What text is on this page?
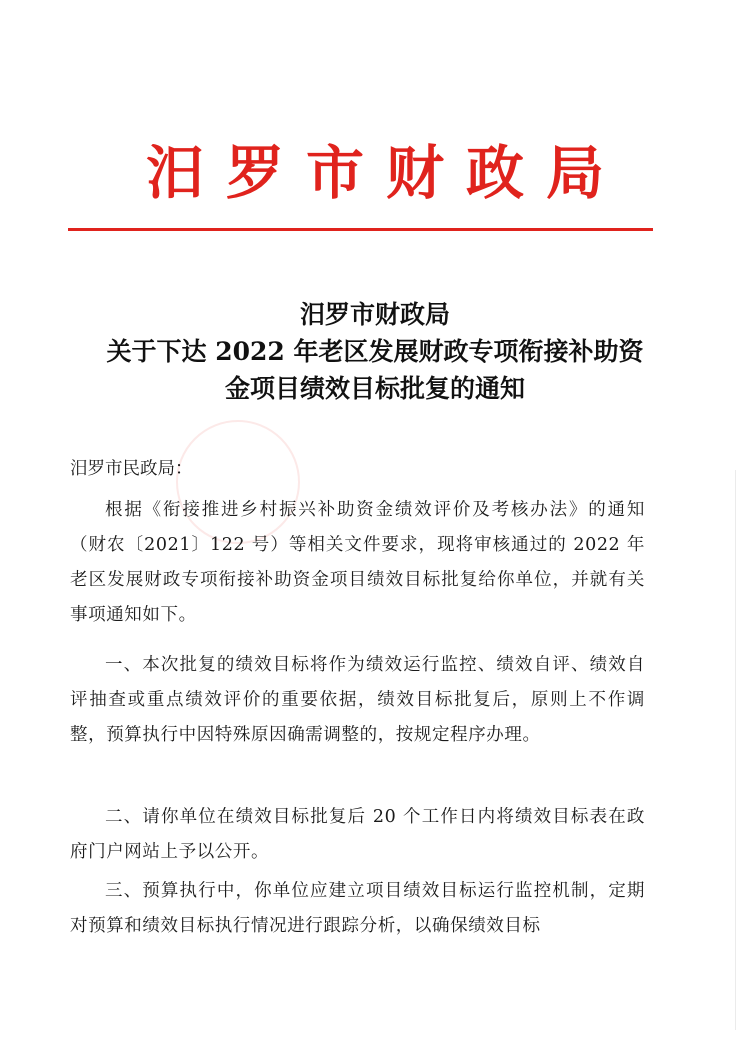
汨罗市财政局
汨罗市财政局
关于下达 2022 年老区发展财政专项衔接补助资
金项目绩效目标批复的通知
汨罗市民政局：
根据《衔接推进乡村振兴补助资金绩效评价及考核办法》的通知（财农〔2021〕122 号）等相关文件要求，现将审核通过的 2022 年老区发展财政专项衔接补助资金项目绩效目标批复给你单位，并就有关事项通知如下。
一、本次批复的绩效目标将作为绩效运行监控、绩效自评、绩效自评抽查或重点绩效评价的重要依据，绩效目标批复后，原则上不作调整，预算执行中因特殊原因确需调整的，按规定程序办理。
二、请你单位在绩效目标批复后 20 个工作日内将绩效目标表在政府门户网站上予以公开。
三、预算执行中，你单位应建立项目绩效目标运行监控机制，定期对预算和绩效目标执行情况进行跟踪分析，以确保绩效目标
